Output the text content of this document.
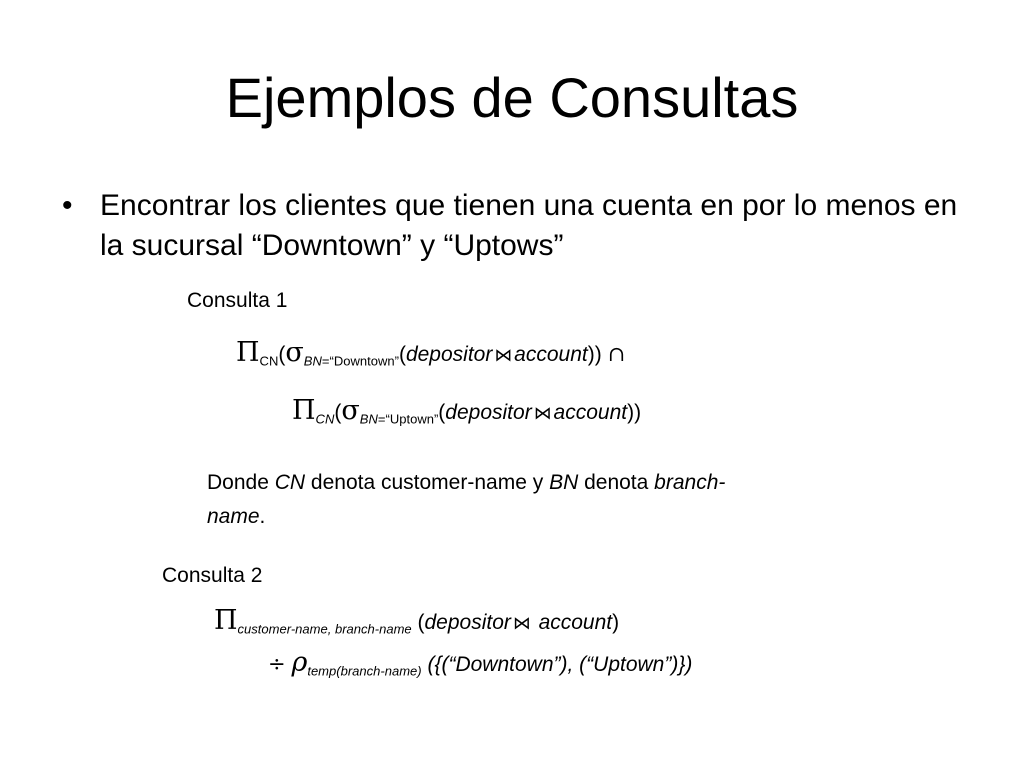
Ejemplos de Consultas
• Encontrar los clientes que tienen una cuenta en por lo menos en la sucursal “Downtown” y “Uptows”
Consulta 1
$\Pi_{CN}(\sigma_{BN=“Downtown”}(depositor$ ⋈account)) ∩
$\Pi_{CN}(\sigma_{BN=“Uptown”}(depositor$ ⋈account))
Donde CN denota customer-name y BN denota branch-name.
Consulta 2
$\Pi_{customer-name, branch-name}$ (depositor ⋈ account)
÷ $\rho_{temp(branch-name)}$ ({(“Downtown”), (“Uptown”)})
